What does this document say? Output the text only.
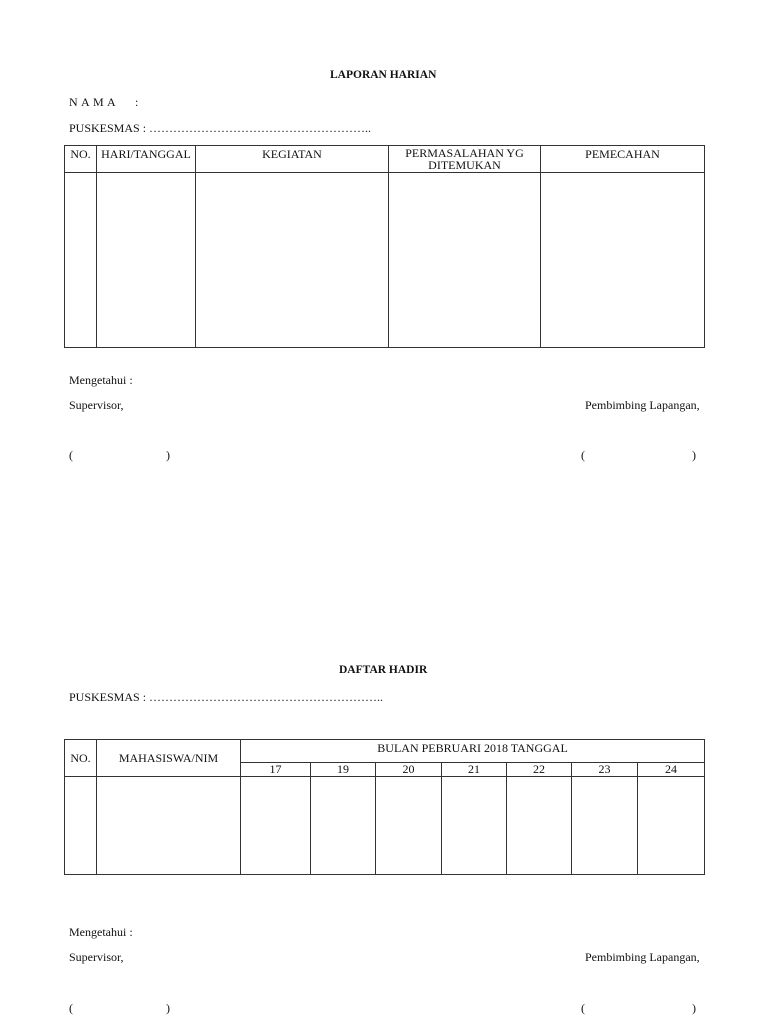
LAPORAN HARIAN
N A M A :
PUSKESMAS : ………………………………………………..
NO.	HARI/TANGGAL	KEGIATAN	PERMASALAHAN YG DITEMUKAN	PEMECAHAN

Mengetahui :
Supervisor,	Pembimbing Lapangan,
(	)	(	)
DAFTAR HADIR
PUSKESMAS : …………………………………………………..
NO.	MAHASISWA/NIM	BULAN PEBRUARI 2018 TANGGAL						

		17	19	20	21	22	23	24

Mengetahui :
Supervisor,	Pembimbing Lapangan,
(	)	(	)
